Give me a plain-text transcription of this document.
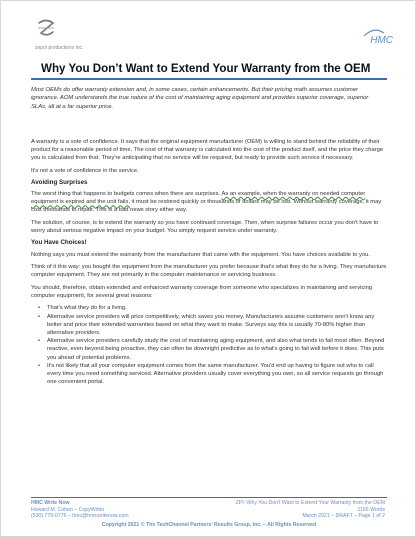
zepol productions inc.
HMC
Why You Don’t Want to Extend Your Warranty from the OEM
Most OEMs do offer warranty extension and, in some cases, certain enhancements. But their pricing math assumes customer ignorance. AOM understands the true nature of the cost of maintaining aging equipment and provides superior coverage, superior SLAs, all at a far superior price.

A warranty is a vote of confidence. It says that the original equipment manufacturer (OEM) is willing to stand behind the reliability of their product for a reasonable period of time. The cost of that warranty is calculated into the cost of the product itself, and the price they charge you is calculated from that. They're anticipating that no service will be required, but ready to provide such service if necessary.

It's not a vote of confidence in the service.

Avoiding Surprises

The worst thing that happens to budgets comes when there are surprises. As an example, when the warranty on needed computer equipment is expired and the unit fails, it must be restored quickly or thousands of dollars may be lost. Without warranty coverage, it may cost thousands to repair. This is a bad news story either way.

The solution, of course, is to extend the warranty so you have continued coverage. Then, when surprise failures occur you don't have to worry about serious negative impact on your budget. You simply request service under warranty.

You Have Choices!

Nothing says you must extend the warranty from the manufacturer that came with the equipment. You have choices available to you.

Think of it this way: you bought the equipment from the manufacturer you prefer because that's what they do for a living. They manufacture computer equipment. They are not primarily in the computer maintenance or servicing business.

You should, therefore, obtain extended and enhanced warranty coverage from someone who specializes in maintaining and servicing computer equipment, for several great reasons:

• That's what they do for a living.
• Alternative service providers will price competitively, which saves you money. Manufacturers assume customers won't know any better and price their extended warranties based on what they want to make. Surveys say this is usually 70-80% higher than alternative providers.
• Alternative service providers carefully study the cost of maintaining aging equipment, and also what tends to fail most often. Beyond reactive, even beyond being proactive, they can often be downright predictive as to what's going to fail well before it does. This puts you ahead of potential problems.
• It's not likely that all your computer equipment comes from the same manufacturer. You'd end up having to figure out who to call every time you need something serviced. Alternative providers usually cover everything you own, so all service requests go through one convenient portal.
HMC Write Now
Howard M. Cohen – CopyWriter
(530) 779-0776 – hmc@hmcwritenow.com
ZPI: Why You Don't Want to Extend Your Warranty from the OEM
1166 Words
March 2021 – DRAFT – Page 1 of 2
Copyright 2021 © The TechChannel Partners' Results Group, Inc. – All Rights Reserved
